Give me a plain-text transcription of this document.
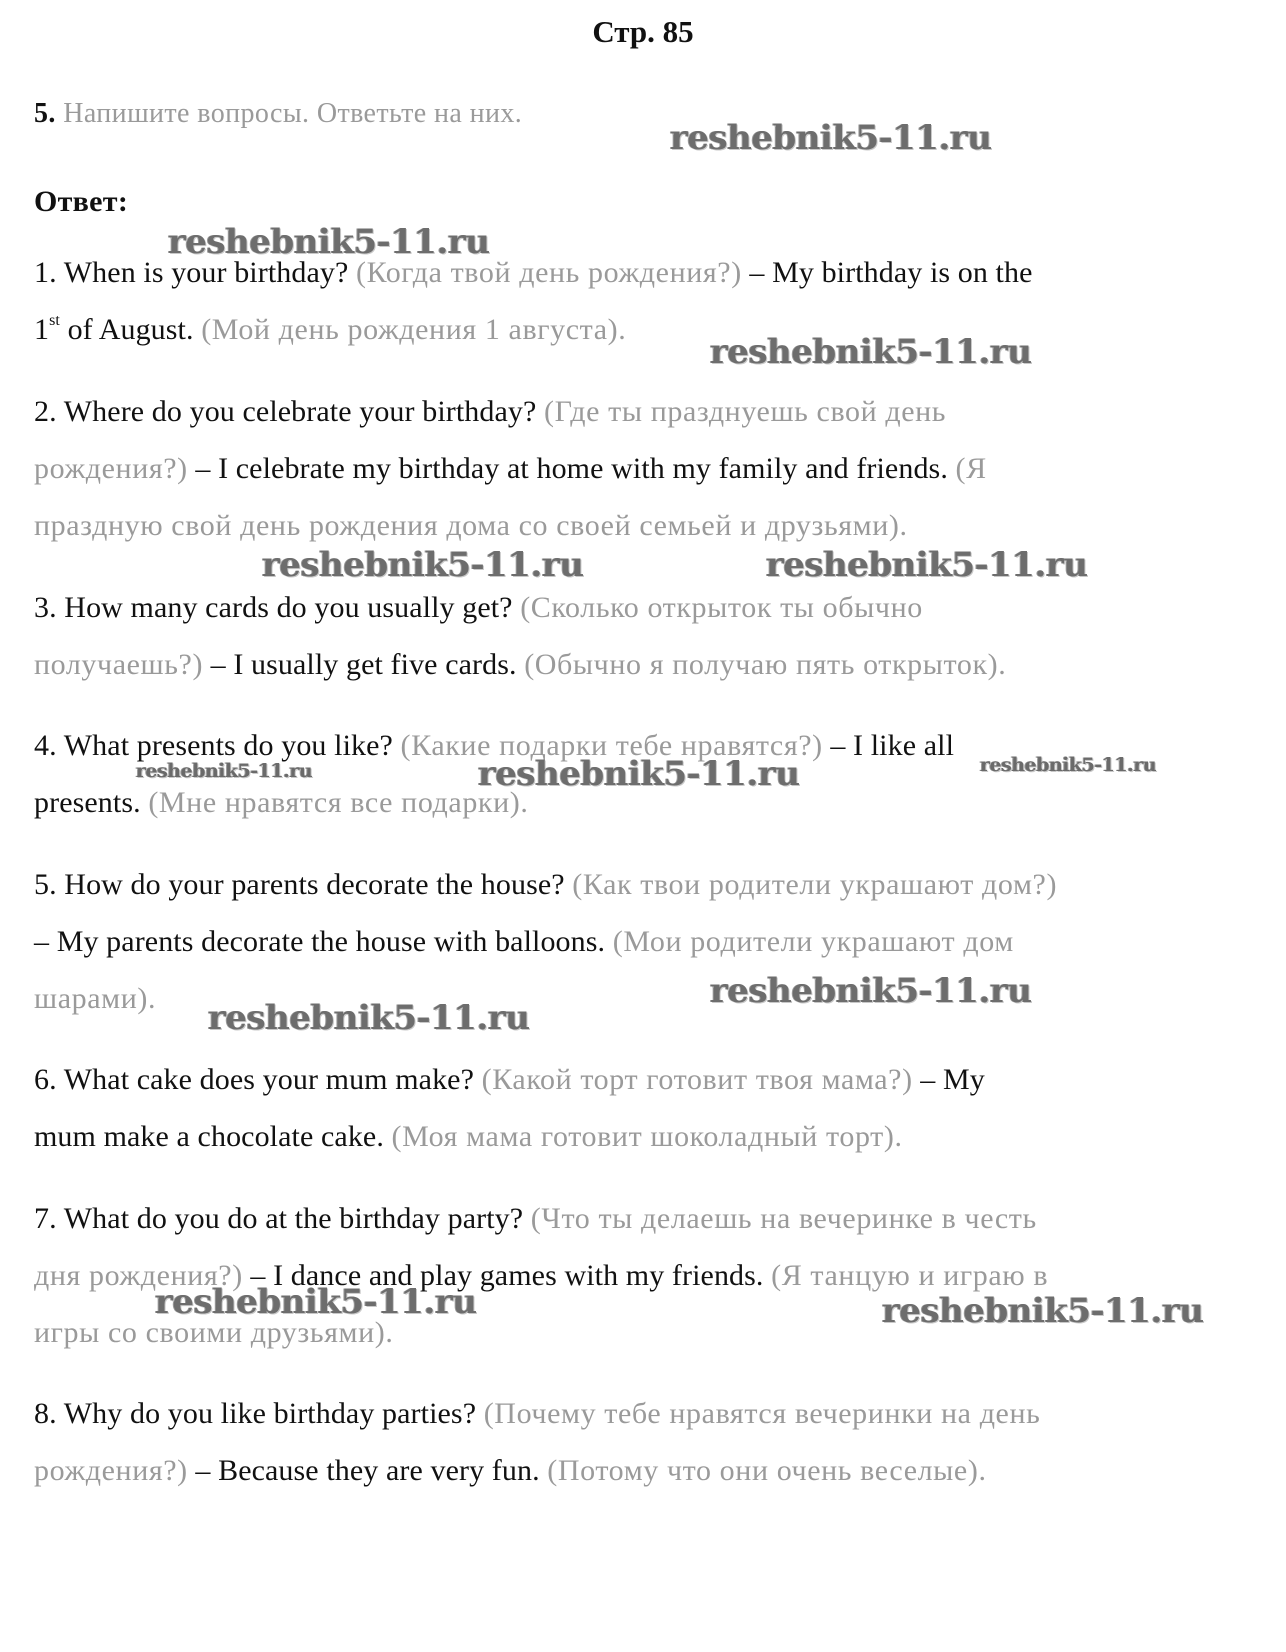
Стр. 85
5. Напишите вопросы. Ответьте на них.
Ответ:
1. When is your birthday? (Когда твой день рождения?) – My birthday is on the
1st of August. (Мой день рождения 1 августа).
2. Where do you celebrate your birthday? (Где ты празднуешь свой день
рождения?) – I celebrate my birthday at home with my family and friends. (Я
праздную свой день рождения дома со своей семьей и друзьями).
3. How many cards do you usually get? (Сколько открыток ты обычно
получаешь?) – I usually get five cards. (Обычно я получаю пять открыток).
4. What presents do you like? (Какие подарки тебе нравятся?) – I like all
presents. (Мне нравятся все подарки).
5. How do your parents decorate the house? (Как твои родители украшают дом?)
– My parents decorate the house with balloons. (Мои родители украшают дом
шарами).
6. What cake does your mum make? (Какой торт готовит твоя мама?) – My
mum make a chocolate cake. (Моя мама готовит шоколадный торт).
7. What do you do at the birthday party? (Что ты делаешь на вечеринке в честь
дня рождения?) – I dance and play games with my friends. (Я танцую и играю в
игры со своими друзьями).
8. Why do you like birthday parties? (Почему тебе нравятся вечеринки на день
рождения?) – Because they are very fun. (Потому что они очень веселые).
reshebnik5-11.ru
reshebnik5-11.ru
reshebnik5-11.ru
reshebnik5-11.ru	reshebnik5-11.ru
reshebnik5-11.ru	reshebnik5-11.ru	reshebnik5-11.ru
reshebnik5-11.ru
reshebnik5-11.ru
reshebnik5-11.ru	reshebnik5-11.ru
